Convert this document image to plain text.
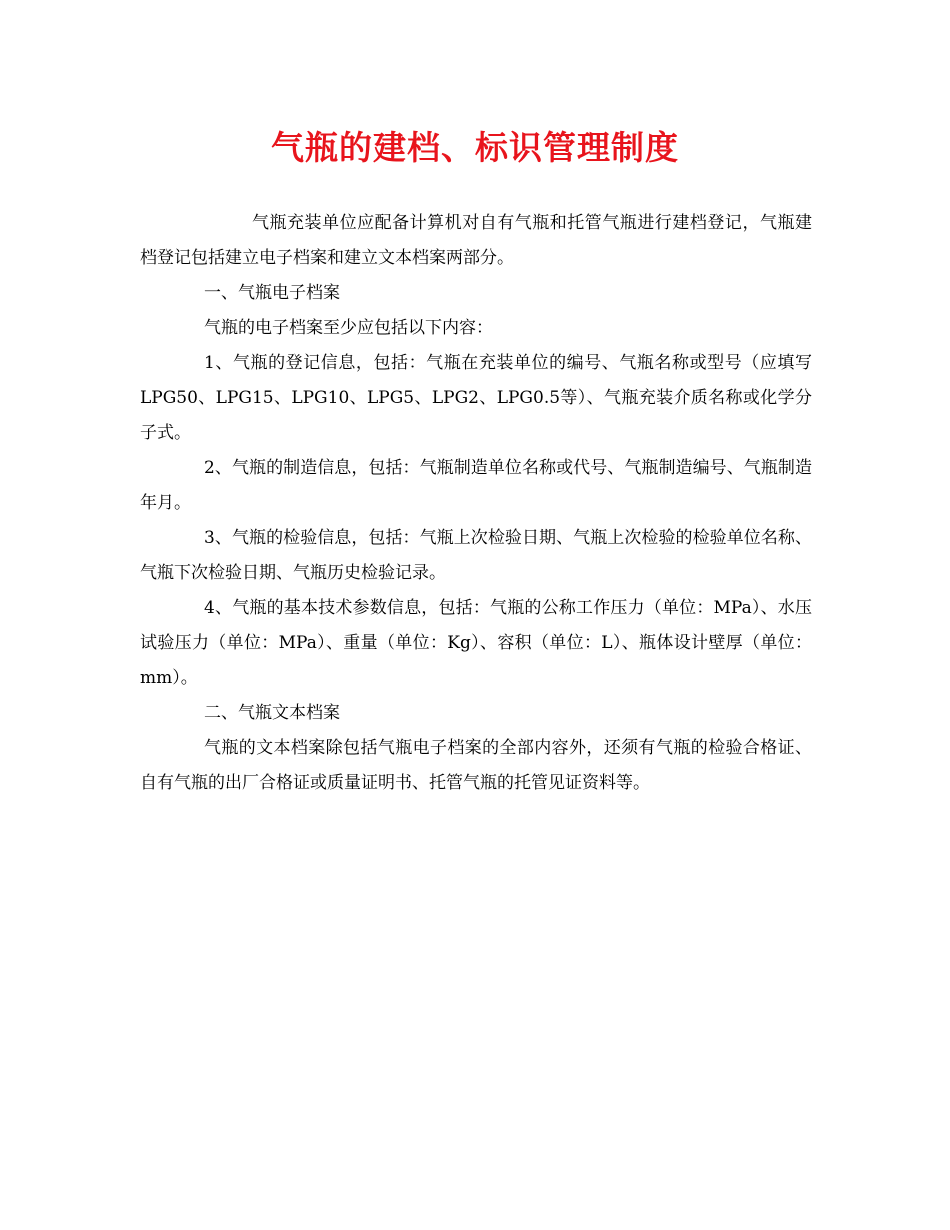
气瓶的建档、标识管理制度

气瓶充装单位应配备计算机对自有气瓶和托管气瓶进行建档登记，气瓶建档登记包括建立电子档案和建立文本档案两部分。

一、气瓶电子档案

气瓶的电子档案至少应包括以下内容：

1、气瓶的登记信息，包括：气瓶在充装单位的编号、气瓶名称或型号（应填写LPG50、LPG15、LPG10、LPG5、LPG2、LPG0.5等）、气瓶充装介质名称或化学分子式。

2、气瓶的制造信息，包括：气瓶制造单位名称或代号、气瓶制造编号、气瓶制造年月。

3、气瓶的检验信息，包括：气瓶上次检验日期、气瓶上次检验的检验单位名称、气瓶下次检验日期、气瓶历史检验记录。

4、气瓶的基本技术参数信息，包括：气瓶的公称工作压力（单位：MPa）、水压试验压力（单位：MPa）、重量（单位：Kg）、容积（单位：L）、瓶体设计壁厚（单位：mm）。

二、气瓶文本档案

气瓶的文本档案除包括气瓶电子档案的全部内容外，还须有气瓶的检验合格证、自有气瓶的出厂合格证或质量证明书、托管气瓶的托管见证资料等。
